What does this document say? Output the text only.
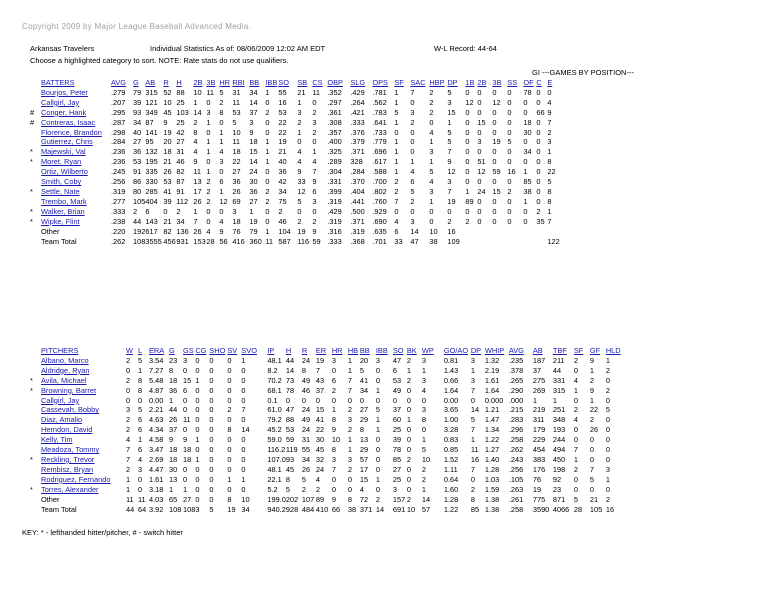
Copyright 2009 by Major League Baseball Advanced Media.
Arkansas Travelers	Individual Statistics As of: 08/06/2009 12:02 AM EDT	W-L Record: 44-64
Choose a highlighted category to sort. NOTE: Rate stats do not use qualifiers.
GI ---GAMES BY POSITION---
	BATTERS	AVG	G	AB	R	H	2B	3B	HR	RBI	BB	IBB	SO	SB	CS	OBP	SLG	OPS	SF	SAC	HBP	DP	1B	2B	3B	SS	OF	C	E
	Bourjos, Peter	.279	79	315	52	88	10	11	5	31	34	1	55	21	11	.352	.429	.781	1	7	2	5	0	0	0	0	78	0	0
	Callgirl, Jay	.207	39	121	10	25	1	0	2	11	14	0	16	1	0	.297	.264	.562	1	0	2	3	12	0	12	0	0	0	4
#	Conger, Hank	.295	93	349	45	103	14	3	8	53	37	2	53	3	2	.361	.421	.783	5	3	2	15	0	0	0	0	0	66	9
#	Contreras, Isaac	.287	34	87	9	25	2	1	0	5	3	0	22	2	3	.308	.333	.641	1	2	0	1	0	15	0	0	18	0	7
	Florence, Brandon	.298	40	141	19	42	8	0	1	10	9	0	22	1	2	.357	.376	.733	0	0	4	5	0	0	0	0	30	0	2
	Gutierrez, Chris	.284	27	95	20	27	4	1	1	11	18	1	19	0	0	.400	.379	.779	1	0	1	5	0	3	19	5	0	0	3
*	Majewski, Val	.236	36	132	18	31	4	1	4	18	15	1	21	4	1	.325	.371	.696	1	0	3	7	0	0	0	0	34	0	1
*	Moret, Ryan	.236	53	195	21	46	9	0	3	22	14	1	40	4	4	.289	328	.617	1	1	1	9	0	51	0	0	0	0	8
	Ortiz, Wilberto	.245	91	335	26	82	11	1	0	27	24	0	36	9	7	.304	.284	.588	1	4	5	12	0	12	59	16	1	0	22
	Smith, Coby	.256	86	330	53	87	13	2	6	36	30	0	42	33	9	.331	.370	.700	2	6	4	3	0	0	0	0	85	0	5
*	Settle, Nate	.319	80	285	41	91	17	2	1	26	36	2	34	12	6	.399	.404	.802	2	5	3	7	1	24	15	2	38	0	8
	Trembo, Mark	.277	105	404	39	112	26	2	12	69	27	2	75	5	3	.319	.441	.760	7	2	1	19	89	0	0	0	1	0	8
*	Walker, Brian	.333	2	6	0	2	1	0	0	3	1	0	2	0	0	.429	.500	.929	0	0	0	0	0	0	0	0	0	2	1
*	Wipke, Flint	.238	44	143	21	34	7	0	4	18	19	0	46	2	2	.319	.371	.690	4	3	0	2	2	0	0	0	0	35	7
	Other	.220	192	617	82	136	26	4	9	76	79	1	104	19	9	.316	.319	.635	6	14	10	16							
	Team Total	.262	108	3555	456	931	153	28	56	416	360	11	587	116	59	.333	.368	.701	33	47	38	109							122
	PITCHERS	W	L	ERA	G	GS	CG	SHO	SV	SVO	IP	H	R	ER	HR	HB	BB	IBB	SO	BK	WP	GO/AO	DP	WHIP	AVG	AB	TBF	SF	GF	HLD
	Albano, Marco	2	5	3.54	23	3	0	0	0	1	48.1	44	24	19	3	1	20	3	47	2	3	0.81	3	1.32	.235	187	211	2	9	1
	Aldridge, Ryan	0	1	7.27	8	0	0	0	0	0	8.2	14	8	7	0	1	5	0	6	1	1	1.43	1	2.19	.378	37	44	0	1	2
*	Avila, Michael	2	8	5.48	18	15	1	0	0	0	70.2	73	49	43	6	7	41	0	53	2	3	0.66	3	1.61	.265	275	331	4	2	0
*	Browning, Barret	0	8	4.87	36	6	0	0	0	0	68.1	78	46	37	2	7	34	1	49	0	4	1.64	7	1.64	.290	269	315	1	9	2
	Callgirl, Jay	0	0	0.00	1	0	0	0	0	0	0.1	0	0	0	0	0	0	0	0	0	0	0.00	0	0.000	.000	1	1	0	1	0
	Cassevah, Bobby	3	5	2.21	44	0	0	0	2	7	61.0	47	24	15	1	2	27	5	37	0	3	3.65	14	1.21	.215	219	251	2	22	5
	Diaz, Amalio	2	6	4.63	26	11	0	0	0	0	79.2	88	49	41	8	3	29	1	60	1	8	1.00	5	1.47	.283	311	348	4	2	0
	Herndon, David	2	6	4.34	37	0	0	0	8	14	45.2	53	24	22	9	2	8	1	25	0	0	3.28	7	1.34	.296	179	193	0	26	0
	Kelly, Tim	4	1	4.58	9	9	1	0	0	0	59.0	59	31	30	10	1	13	0	39	0	1	0.83	1	1.22	.258	229	244	0	0	0
	Meadoza, Tommy	7	6	3.47	18	18	0	0	0	0	116.2	119	55	45	8	1	29	0	78	0	5	0.85	11	1.27	.262	454	494	7	0	0
*	Reckling, Trevor	7	4	2.69	18	18	1	0	0	0	107.0	93	34	32	3	3	57	0	85	2	10	1.52	16	1.40	.243	383	450	1	0	0
	Rembisz, Bryan	2	3	4.47	30	0	0	0	0	0	48.1	45	26	24	7	2	17	0	27	0	2	1.11	7	1.28	.256	176	198	2	7	3
	Rodriguez, Fernando	1	0	1.61	13	0	0	0	1	1	22.1	8	5	4	0	0	15	1	25	0	2	0.64	0	1.03	.105	76	92	0	5	1
*	Torres, Alexander	1	0	3.18	1	1	0	0	0	0	5.2	5	2	2	0	0	4	0	3	0	1	1.60	2	1.59	.263	19	23	0	0	0
	Other	11	11	4.03	65	27	0	0	8	10	199.0	202	107	89	9	8	72	2	157	2	14	1.28	8	1.38	.261	775	871	5	21	2
	Team Total	44	64	3.92	108	108	3	5	19	34	940.2	928	484	410	66	38	371	14	691	10	57	1.22	85	1.38	.258	3590	4066	28	105	16
KEY: * - lefthanded hitter/pitcher, # - switch hitter
